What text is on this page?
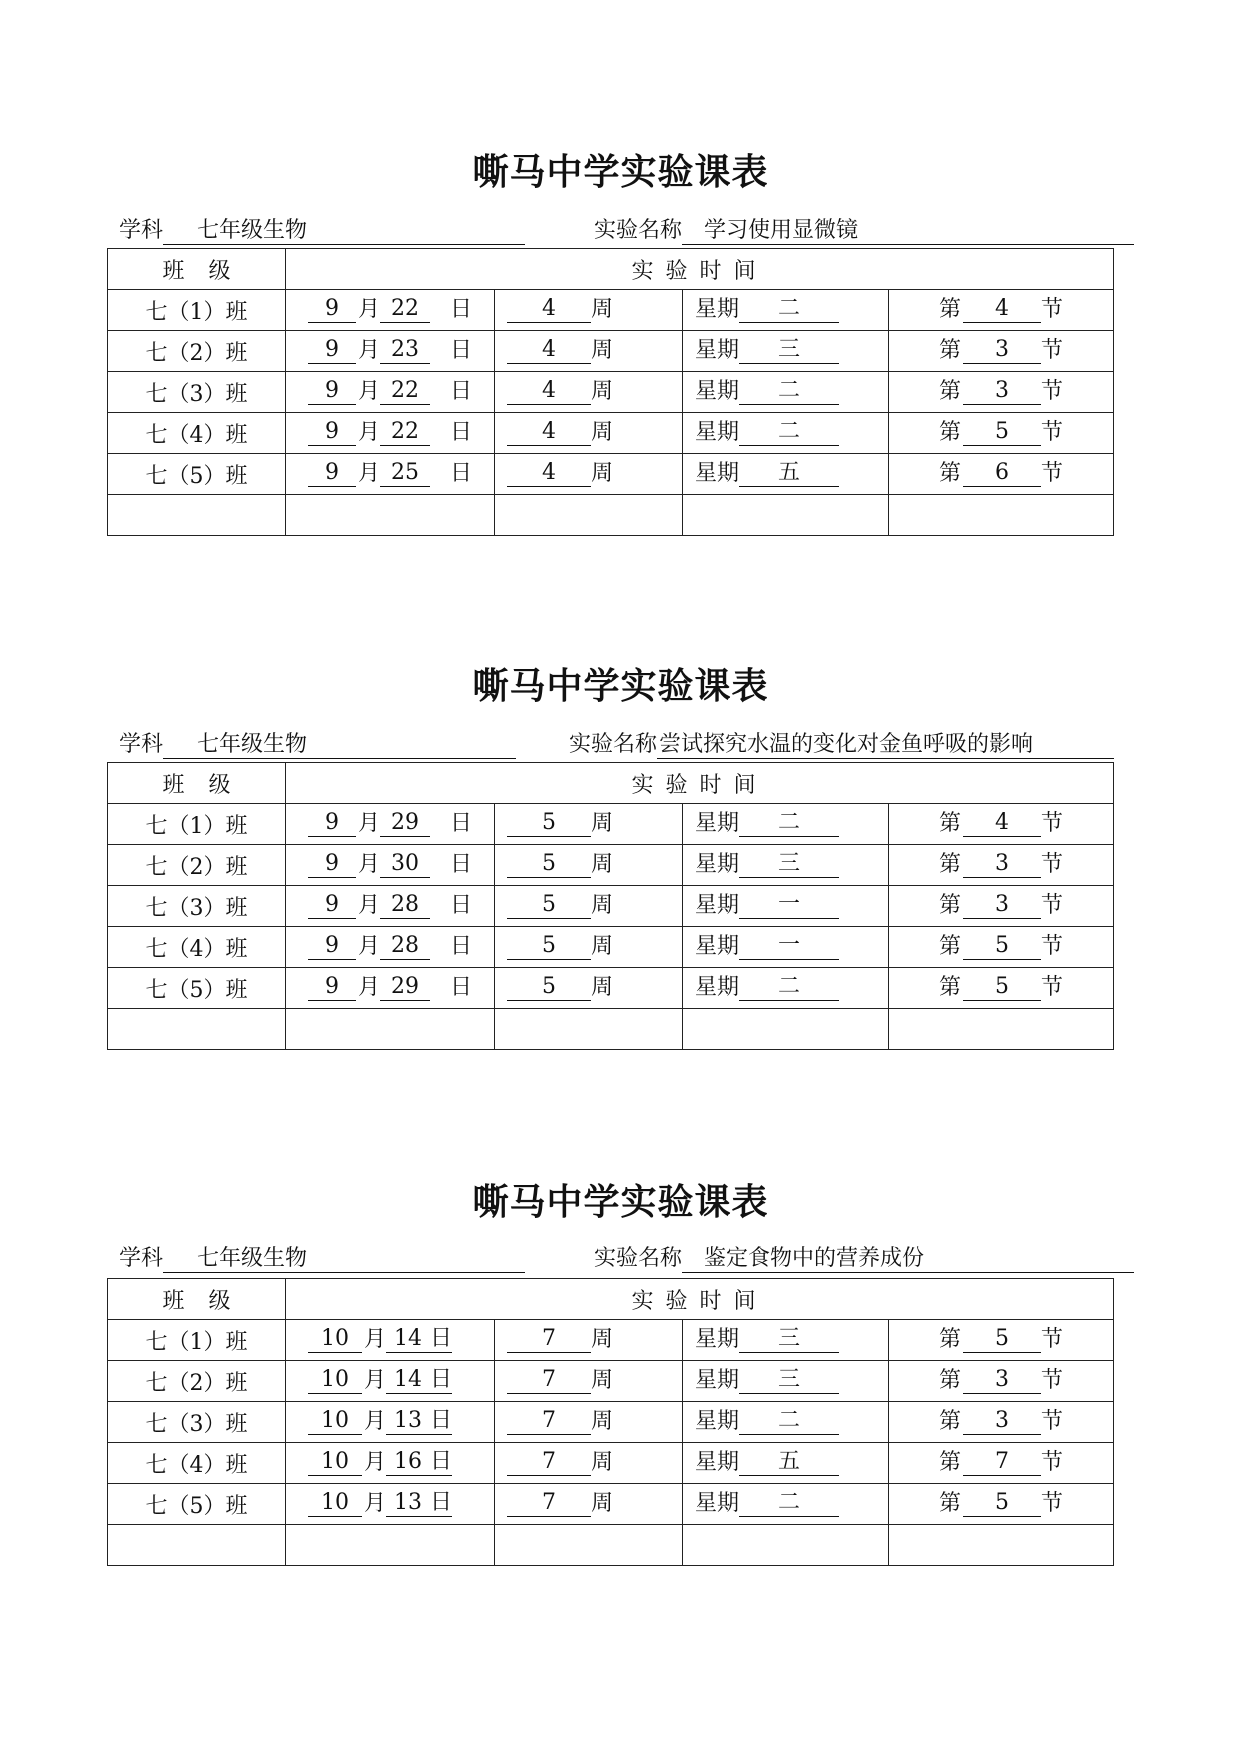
嘶马中学实验课表
学科 七年级生物	实验名称 学习使用显微镜
班级	实验时间			
七（1）班	9 月 22 日	4 周	星期 二	第 4 节

七（2）班	9 月 23 日	4 周	星期 三	第 3 节

七（3）班	9 月 22 日	4 周	星期 二	第 3 节

七（4）班	9 月 22 日	4 周	星期 二	第 5 节

七（5）班	9 月 25 日	4 周	星期 五	第 6 节

嘶马中学实验课表
学科 七年级生物	实验名称尝试探究水温的变化对金鱼呼吸的影响
班级	实验时间			
七（1）班	9 月 29 日	5 周	星期 二	第 4 节

七（2）班	9 月 30 日	5 周	星期 三	第 3 节

七（3）班	9 月 28 日	5 周	星期 一	第 3 节

七（4）班	9 月 28 日	5 周	星期 一	第 5 节

七（5）班	9 月 29 日	5 周	星期 二	第 5 节

嘶马中学实验课表
学科 七年级生物	实验名称 鉴定食物中的营养成份
班级	实验时间			
七（1）班	10 月 14 日	7 周	星期 三	第 5 节

七（2）班	10 月 14 日	7 周	星期 三	第 3 节

七（3）班	10 月 13 日	7 周	星期 二	第 3 节

七（4）班	10 月 16 日	7 周	星期 五	第 7 节

七（5）班	10 月 13 日	7 周	星期 二	第 5 节
